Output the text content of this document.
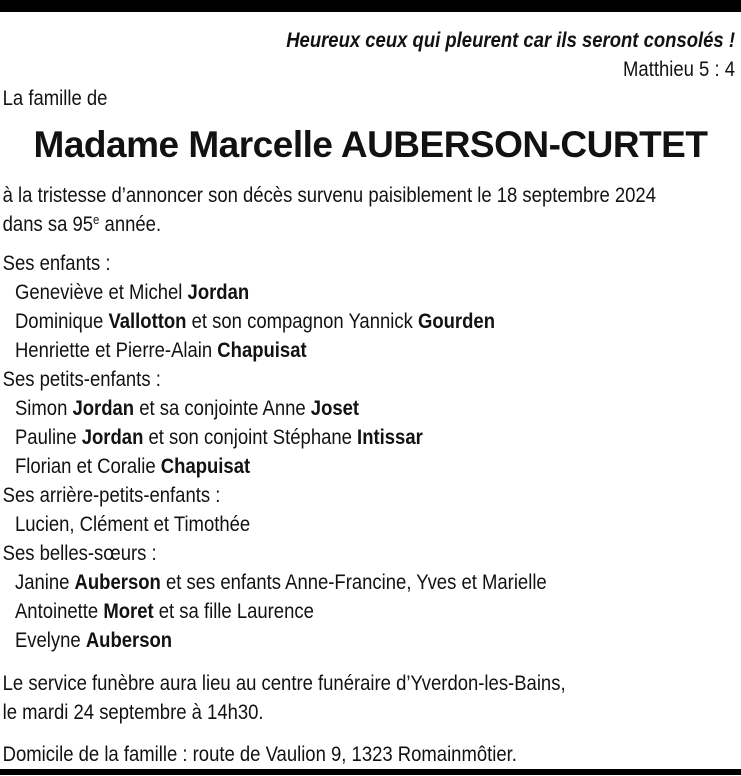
Heureux ceux qui pleurent car ils seront consolés !
Matthieu 5 : 4
La famille de
Madame Marcelle AUBERSON-CURTET
à la tristesse d’annoncer son décès survenu paisiblement le 18 septembre 2024
dans sa 95e année.
Ses enfants :
Geneviève et Michel Jordan
Dominique Vallotton et son compagnon Yannick Gourden
Henriette et Pierre-Alain Chapuisat
Ses petits-enfants :
Simon Jordan et sa conjointe Anne Joset
Pauline Jordan et son conjoint Stéphane Intissar
Florian et Coralie Chapuisat
Ses arrière-petits-enfants :
Lucien, Clément et Timothée
Ses belles-sœurs :
Janine Auberson et ses enfants Anne-Francine, Yves et Marielle
Antoinette Moret et sa fille Laurence
Evelyne Auberson
Le service funèbre aura lieu au centre funéraire d’Yverdon-les-Bains,
le mardi 24 septembre à 14h30.
Domicile de la famille : route de Vaulion 9, 1323 Romainmôtier.
